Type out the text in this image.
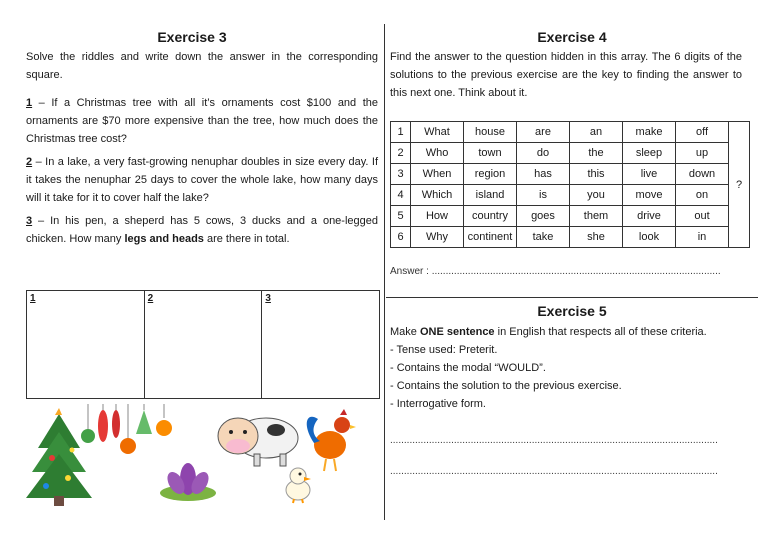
Exercise 3
Solve the riddles and write down the answer in the corresponding square.
1 – If a Christmas tree with all it’s ornaments cost $100 and the ornaments are $70 more expensive than the tree, how much does the Christmas tree cost?
2 – In a lake, a very fast-growing nenuphar doubles in size every day. If it takes the nenuphar 25 days to cover the whole lake, how many days will it take for it to cover half the lake?
3 – In his pen, a sheperd has 5 cows, 3 ducks and a one-legged chicken. How many legs and heads are there in total.
1	2	3
Exercise 4
Find the answer to the question hidden in this array. The 6 digits of the solutions to the previous exercise are the key to finding the answer to this next one. Think about it.
1	What	house	are	an	make	off	?
2	Who	town	do	the	sleep	up	
3	When	region	has	this	live	down	
4	Which	island	is	you	move	on	
5	How	country	goes	them	drive	out	
6	Why	continent	take	she	look	in	
Answer : ........................................................................................................
Exercise 5
Make ONE sentence in English that respects all of these criteria.
- Tense used: Preterit.
- Contains the modal “WOULD”.
- Contains the solution to the previous exercise.
- Interrogative form.
......................................................................................................................
......................................................................................................................
